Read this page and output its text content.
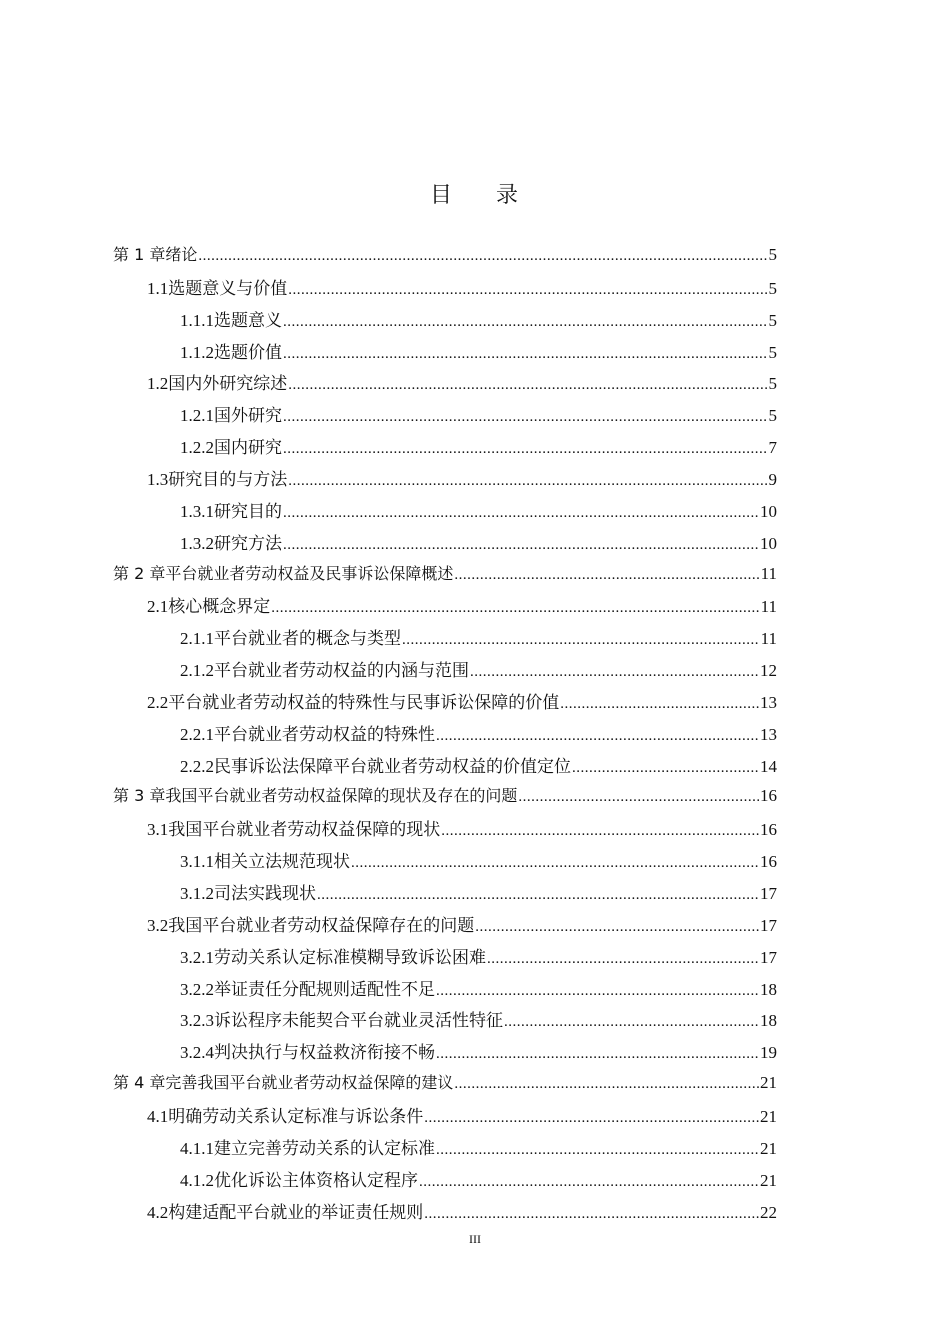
目 录
第 1 章 绪论 .....	5
1.1 选题意义与价值 .....	5
1.1.1 选题意义 .....	5
1.1.2 选题价值 .....	5
1.2 国内外研究综述 .....	5
1.2.1 国外研究 .....	5
1.2.2 国内研究 .....	7
1.3 研究目的与方法 .....	9
1.3.1 研究目的 .....	10
1.3.2 研究方法 .....	10
第 2 章 平台就业者劳动权益及民事诉讼保障概述 .....	11
2.1 核心概念界定 .....	11
2.1.1 平台就业者的概念与类型 .....	11
2.1.2 平台就业者劳动权益的内涵与范围 .....	12
2.2 平台就业者劳动权益的特殊性与民事诉讼保障的价值 .....	13
2.2.1 平台就业者劳动权益的特殊性 .....	13
2.2.2 民事诉讼法保障平台就业者劳动权益的价值定位 .....	14
第 3 章 我国平台就业者劳动权益保障的现状及存在的问题 .....	16
3.1 我国平台就业者劳动权益保障的现状 .....	16
3.1.1 相关立法规范现状 .....	16
3.1.2 司法实践现状 .....	17
3.2 我国平台就业者劳动权益保障存在的问题 .....	17
3.2.1 劳动关系认定标准模糊导致诉讼困难 .....	17
3.2.2 举证责任分配规则适配性不足 .....	18
3.2.3 诉讼程序未能契合平台就业灵活性特征 .....	18
3.2.4 判决执行与权益救济衔接不畅 .....	19
第 4 章 完善我国平台就业者劳动权益保障的建议 .....	21
4.1 明确劳动关系认定标准与诉讼条件 .....	21
4.1.1 建立完善劳动关系的认定标准 .....	21
4.1.2 优化诉讼主体资格认定程序 .....	21
4.2 构建适配平台就业的举证责任规则 .....	22
III
